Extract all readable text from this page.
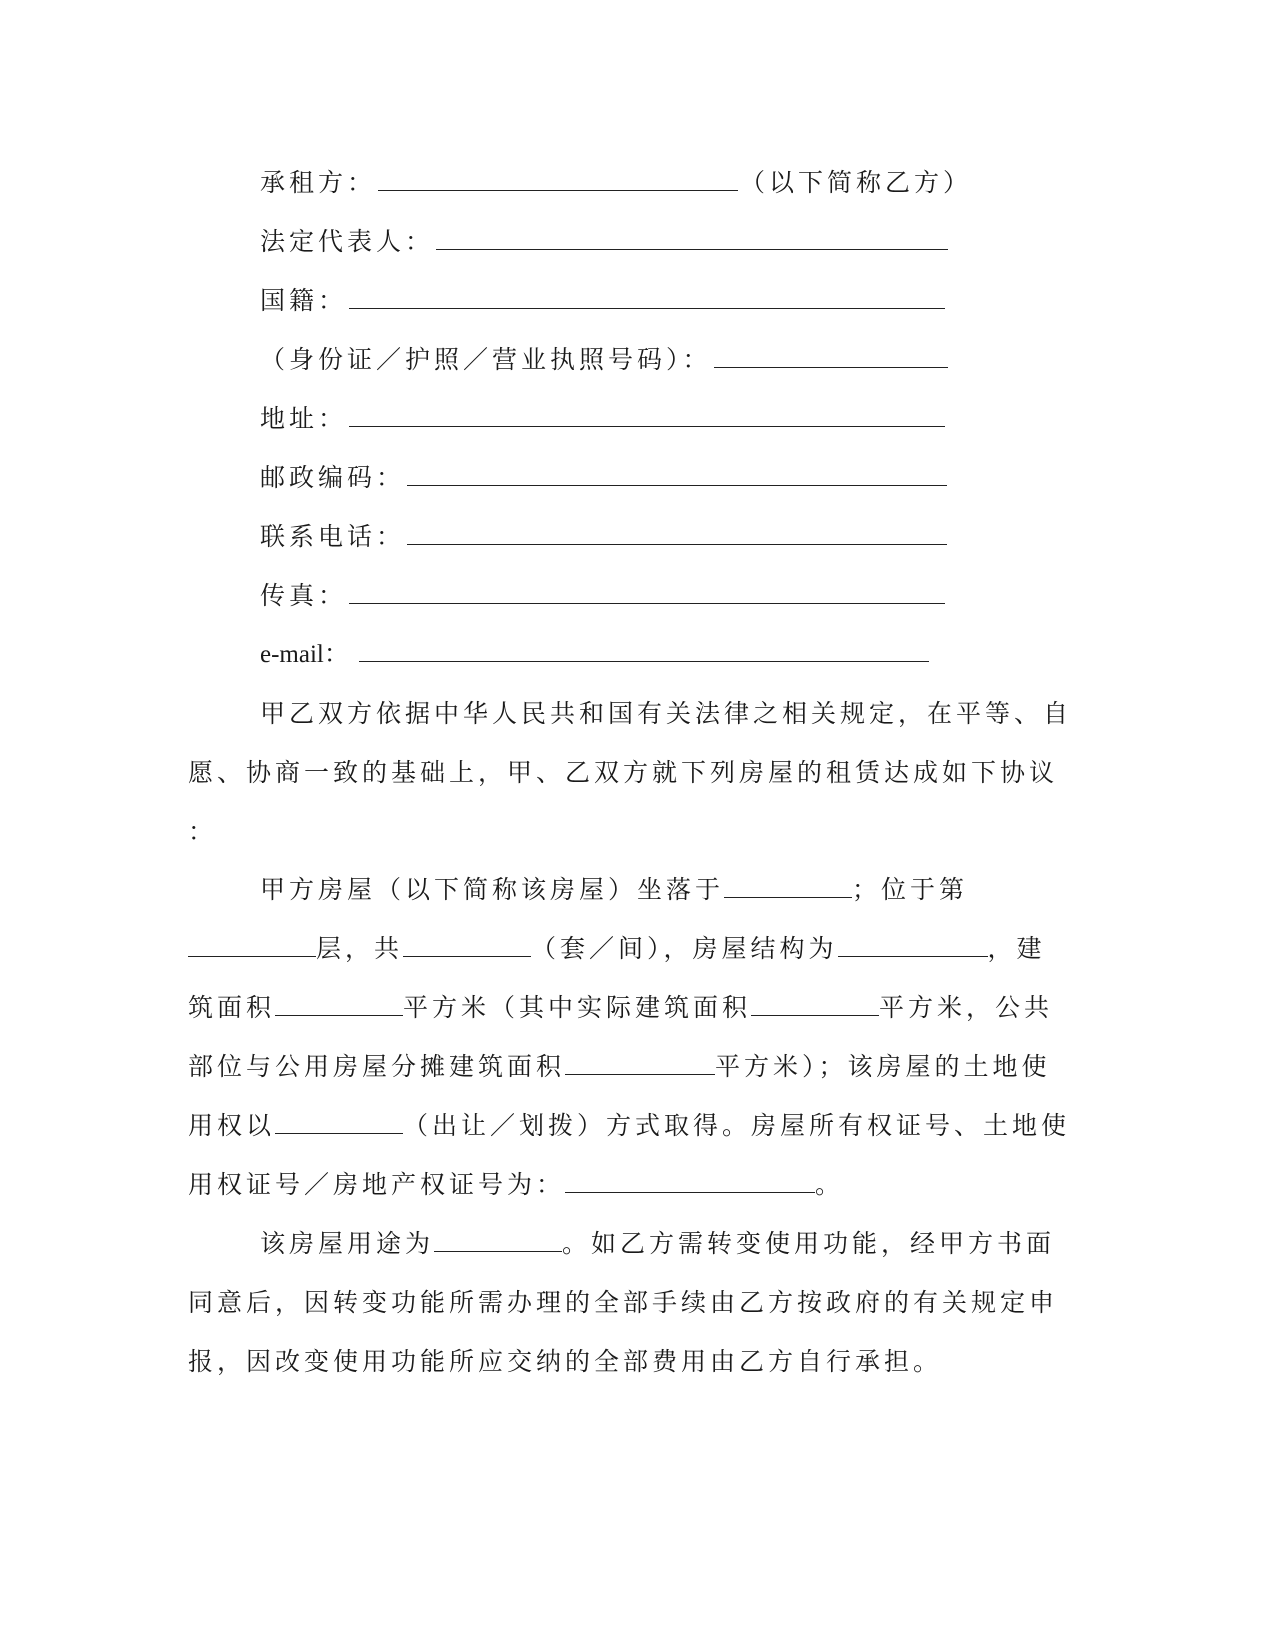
承租方：	（以下简称乙方）
法定代表人：
国籍：
（身份证／护照／营业执照号码）：
地址：
邮政编码：
联系电话：
传真：
e-mail：
甲乙双方依据中华人民共和国有关法律之相关规定，在平等、自
愿、协商一致的基础上，甲、乙双方就下列房屋的租赁达成如下协议
：
甲方房屋（以下简称该房屋）坐落于	；位于第
层，共	（套／间），房屋结构为	，建
筑面积	平方米（其中实际建筑面积	平方米，公共
部位与公用房屋分摊建筑面积	平方米）；该房屋的土地使
用权以	（出让／划拨）方式取得。房屋所有权证号、土地使
用权证号／房地产权证号为：	。
该房屋用途为	。如乙方需转变使用功能，经甲方书面
同意后，因转变功能所需办理的全部手续由乙方按政府的有关规定申
报，因改变使用功能所应交纳的全部费用由乙方自行承担。
